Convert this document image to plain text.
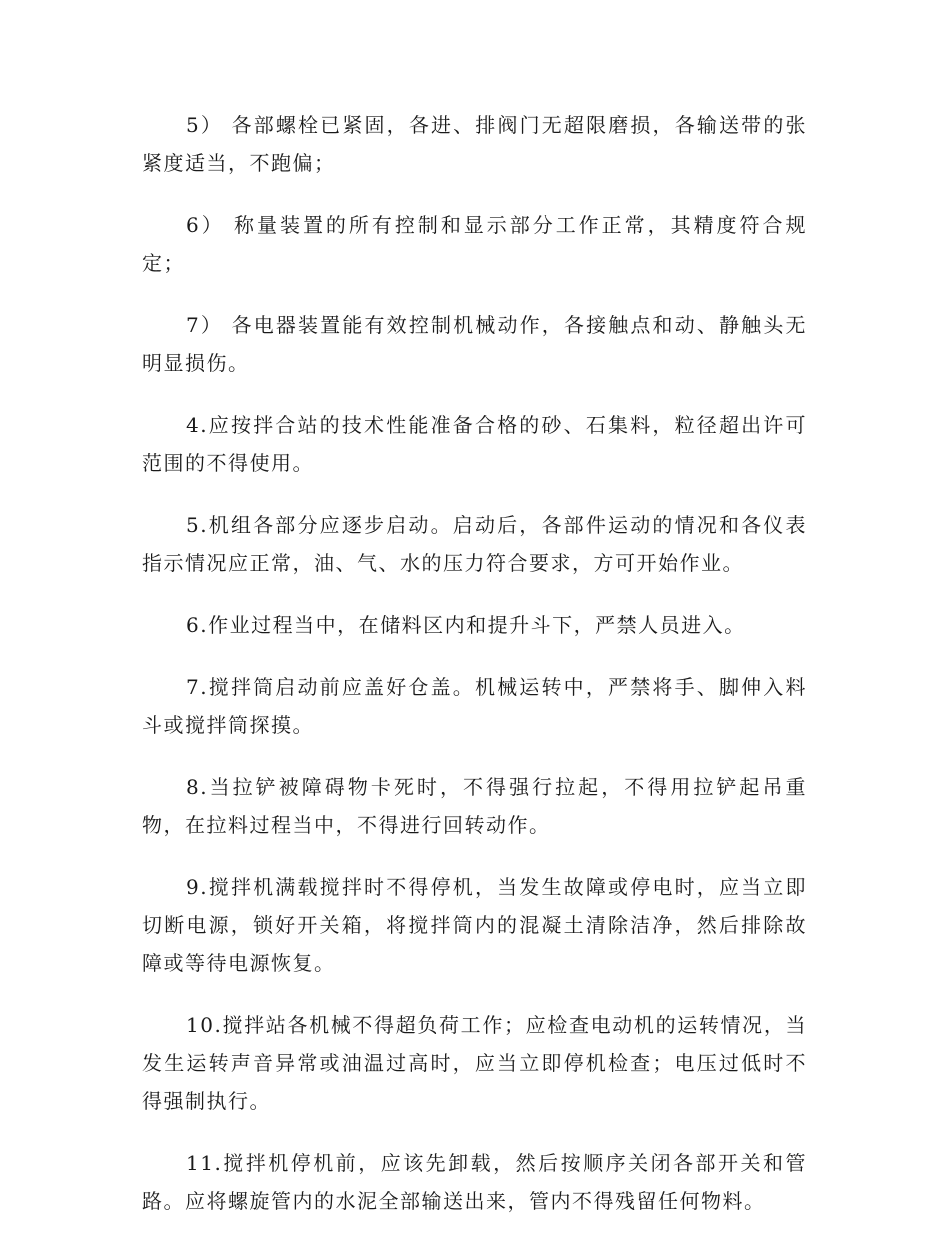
5） 各部螺栓已紧固，各进、排阀门无超限磨损，各输送带的张紧度适当，不跑偏；

6） 称量装置的所有控制和显示部分工作正常，其精度符合规定；

7） 各电器装置能有效控制机械动作，各接触点和动、静触头无明显损伤。

4.应按拌合站的技术性能准备合格的砂、石集料，粒径超出许可范围的不得使用。

5.机组各部分应逐步启动。启动后，各部件运动的情况和各仪表指示情况应正常，油、气、水的压力符合要求，方可开始作业。

6.作业过程当中，在储料区内和提升斗下，严禁人员进入。

7.搅拌筒启动前应盖好仓盖。机械运转中，严禁将手、脚伸入料斗或搅拌筒探摸。

8.当拉铲被障碍物卡死时，不得强行拉起，不得用拉铲起吊重物，在拉料过程当中，不得进行回转动作。

9.搅拌机满载搅拌时不得停机，当发生故障或停电时，应当立即切断电源，锁好开关箱，将搅拌筒内的混凝土清除洁净，然后排除故障或等待电源恢复。

10.搅拌站各机械不得超负荷工作；应检查电动机的运转情况，当发生运转声音异常或油温过高时，应当立即停机检查；电压过低时不得强制执行。

11.搅拌机停机前，应该先卸载，然后按顺序关闭各部开关和管路。应将螺旋管内的水泥全部输送出来，管内不得残留任何物料。
